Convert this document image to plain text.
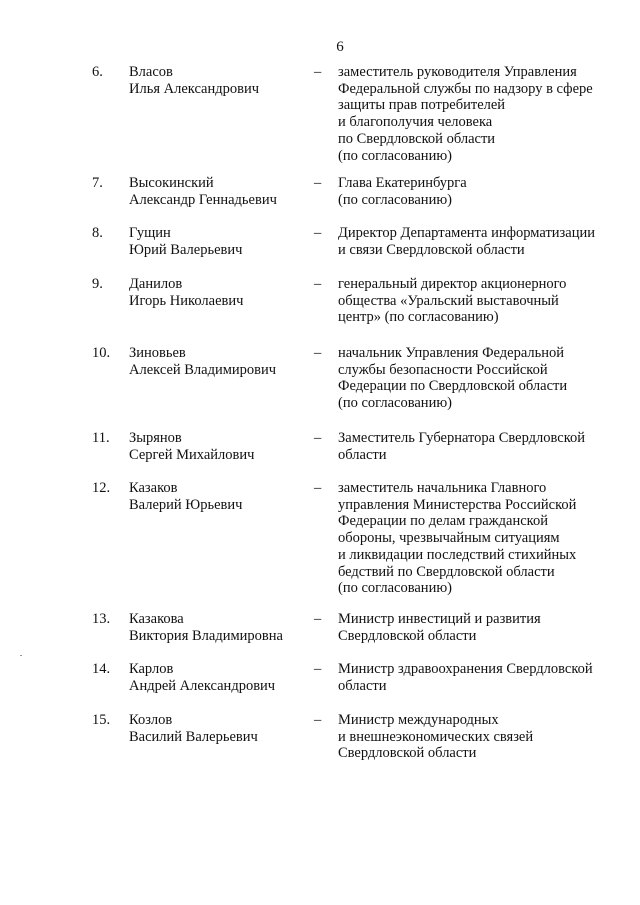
6
6. Власов
Илья Александрович
– заместитель руководителя Управления
Федеральной службы по надзору в сфере
защиты прав потребителей
и благополучия человека
по Свердловской области
(по согласованию)
7. Высокинский
Александр Геннадьевич
– Глава Екатеринбурга
(по согласованию)
8. Гущин
Юрий Валерьевич
– Директор Департамента информатизации
и связи Свердловской области
9. Данилов
Игорь Николаевич
– генеральный директор акционерного
общества «Уральский выставочный
центр» (по согласованию)
10. Зиновьев
Алексей Владимирович
– начальник Управления Федеральной
службы безопасности Российской
Федерации по Свердловской области
(по согласованию)
11. Зырянов
Сергей Михайлович
– Заместитель Губернатора Свердловской
области
12. Казаков
Валерий Юрьевич
– заместитель начальника Главного
управления Министерства Российской
Федерации по делам гражданской
обороны, чрезвычайным ситуациям
и ликвидации последствий стихийных
бедствий по Свердловской области
(по согласованию)
13. Казакова
Виктория Владимировна
– Министр инвестиций и развития
Свердловской области
14. Карлов
Андрей Александрович
– Министр здравоохранения Свердловской
области
15. Козлов
Василий Валерьевич
– Министр международных
и внешнеэкономических связей
Свердловской области
